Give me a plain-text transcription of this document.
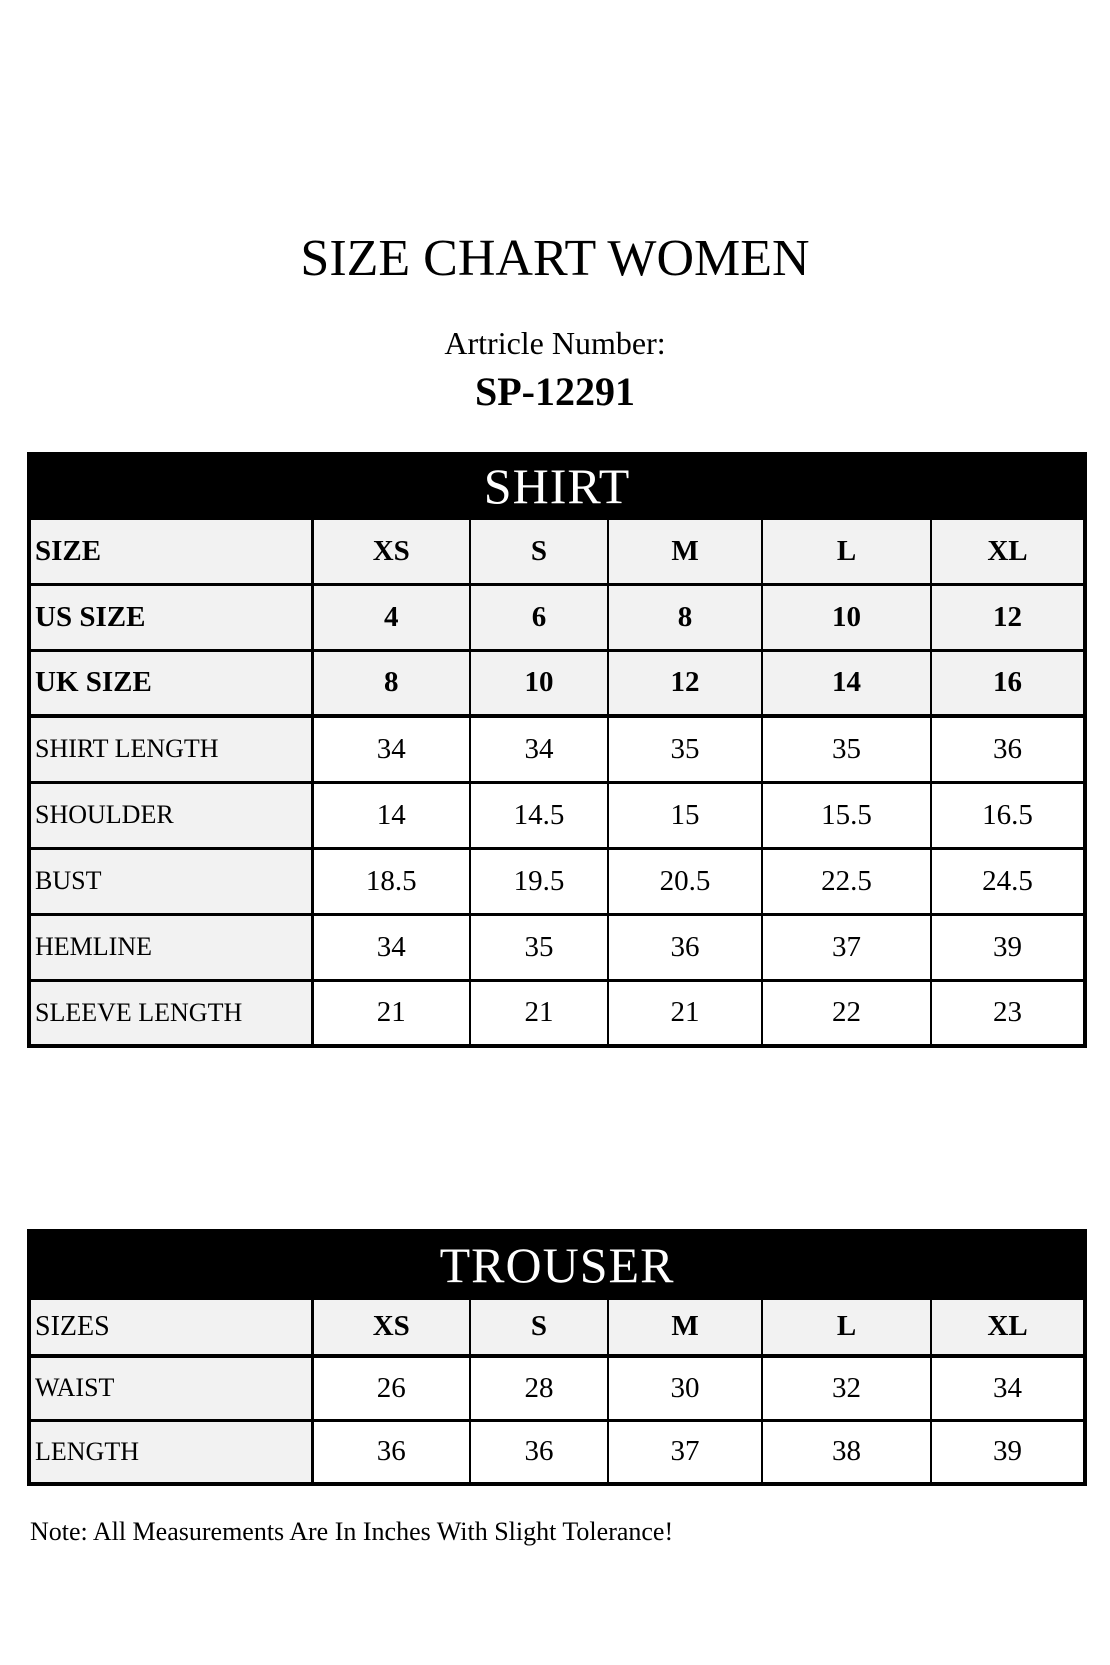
SIZE CHART WOMEN
Artricle Number:
SP-12291
SHIRT					
SIZE	XS	S	M	L	XL
US SIZE	4	6	8	10	12
UK SIZE	8	10	12	14	16
SHIRT LENGTH	34	34	35	35	36
SHOULDER	14	14.5	15	15.5	16.5
BUST	18.5	19.5	20.5	22.5	24.5
HEMLINE	34	35	36	37	39
SLEEVE LENGTH	21	21	21	22	23
TROUSER					
SIZES	XS	S	M	L	XL
WAIST	26	28	30	32	34
LENGTH	36	36	37	38	39
Note: All Measurements Are In Inches With Slight Tolerance!
